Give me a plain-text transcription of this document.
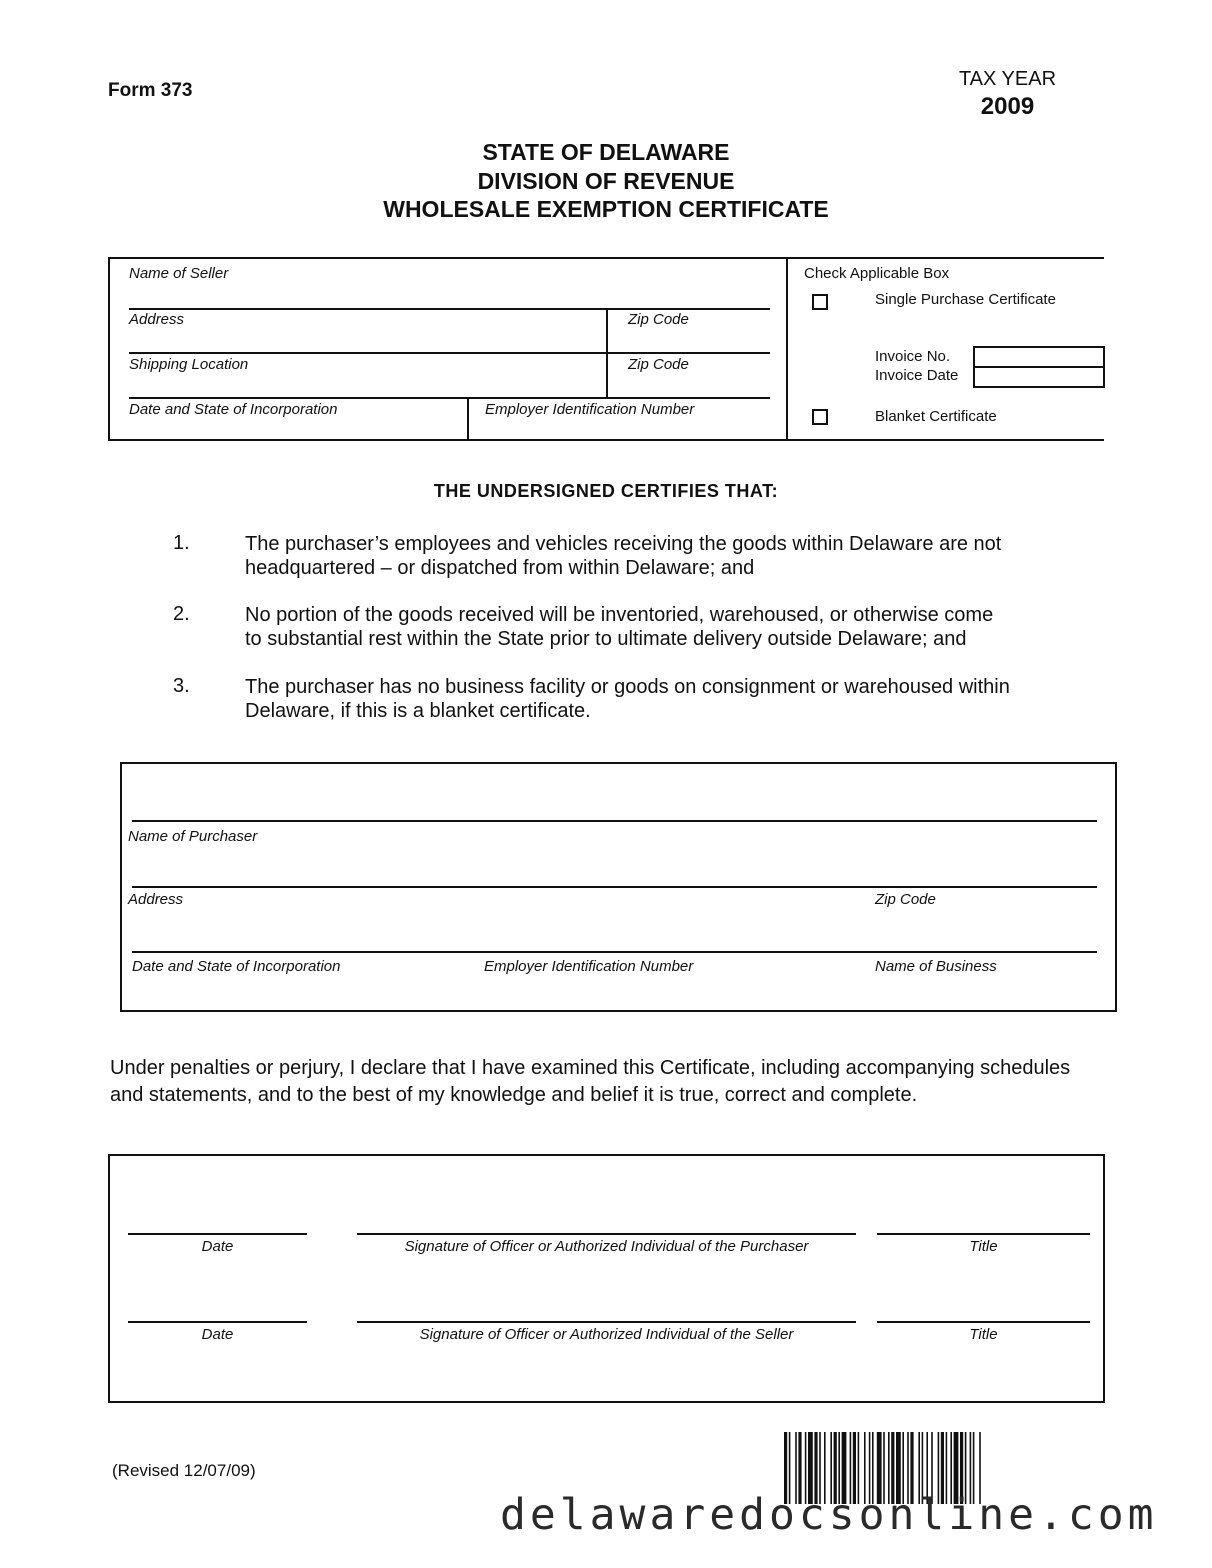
Form 373
TAX YEAR
2009
STATE OF DELAWARE
DIVISION OF REVENUE
WHOLESALE EXEMPTION CERTIFICATE
Name of Seller
Address	Zip Code
Shipping Location	Zip Code
Date and State of Incorporation	Employer Identification Number
Check Applicable Box
Single Purchase Certificate
Invoice No.
Invoice Date
Blanket Certificate
THE UNDERSIGNED CERTIFIES THAT:
1.	The purchaser’s employees and vehicles receiving the goods within Delaware are not
headquartered – or dispatched from within Delaware; and
2.	No portion of the goods received will be inventoried, warehoused, or otherwise come
to substantial rest within the State prior to ultimate delivery outside Delaware; and
3.	The purchaser has no business facility or goods on consignment or warehoused within
Delaware, if this is a blanket certificate.
Name of Purchaser
Address	Zip Code
Date and State of Incorporation	Employer Identification Number	Name of Business
Under penalties or perjury, I declare that I have examined this Certificate, including accompanying schedules
and statements, and to the best of my knowledge and belief it is true, correct and complete.
Date	Signature of Officer or Authorized Individual of the Purchaser	Title
Date	Signature of Officer or Authorized Individual of the Seller	Title
(Revised 12/07/09)
delawaredocsonline.com
